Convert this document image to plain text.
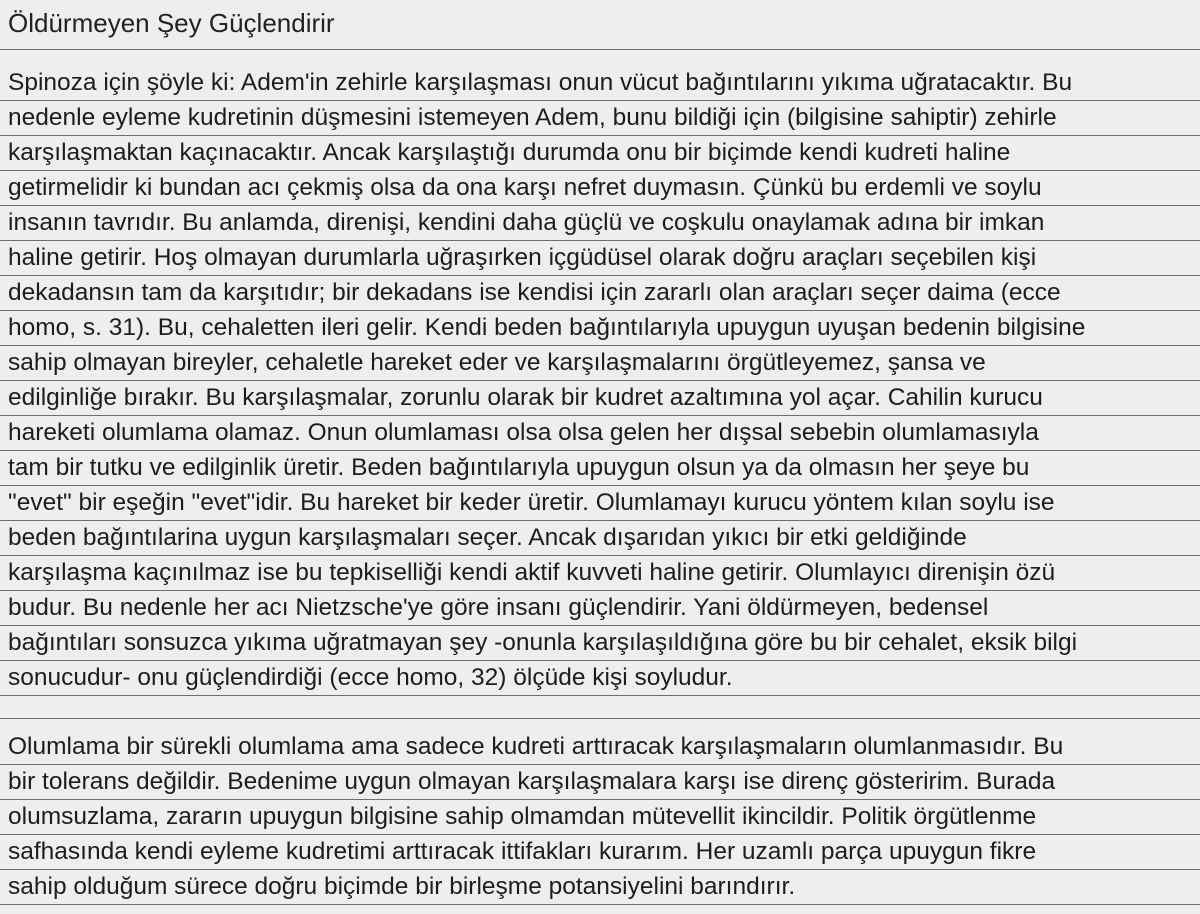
Öldürmeyen Şey Güçlendirir
Spinoza için şöyle ki: Adem'in zehirle karşılaşması onun vücut bağıntılarını yıkıma uğratacaktır. Bu
nedenle eyleme kudretinin düşmesini istemeyen Adem, bunu bildiği için (bilgisine sahiptir) zehirle
karşılaşmaktan kaçınacaktır. Ancak karşılaştığı durumda onu bir biçimde kendi kudreti haline
getirmelidir ki bundan acı çekmiş olsa da ona karşı nefret duymasın. Çünkü bu erdemli ve soylu
insanın tavrıdır. Bu anlamda, direnişi, kendini daha güçlü ve coşkulu onaylamak adına bir imkan
haline getirir. Hoş olmayan durumlarla uğraşırken içgüdüsel olarak doğru araçları seçebilen kişi
dekadansın tam da karşıtıdır; bir dekadans ise kendisi için zararlı olan araçları seçer daima (ecce
homo, s. 31). Bu, cehaletten ileri gelir. Kendi beden bağıntılarıyla upuygun uyuşan bedenin bilgisine
sahip olmayan bireyler, cehaletle hareket eder ve karşılaşmalarını örgütleyemez, şansa ve
edilginliğe bırakır. Bu karşılaşmalar, zorunlu olarak bir kudret azaltımına yol açar. Cahilin kurucu
hareketi olumlama olamaz. Onun olumlaması olsa olsa gelen her dışsal sebebin olumlamasıyla
tam bir tutku ve edilginlik üretir. Beden bağıntılarıyla upuygun olsun ya da olmasın her şeye bu
"evet" bir eşeğin "evet"idir. Bu hareket bir keder üretir. Olumlamayı kurucu yöntem kılan soylu ise
beden bağıntılarina uygun karşılaşmaları seçer. Ancak dışarıdan yıkıcı bir etki geldiğinde
karşılaşma kaçınılmaz ise bu tepkiselliği kendi aktif kuvveti haline getirir. Olumlayıcı direnişin özü
budur. Bu nedenle her acı Nietzsche'ye göre insanı güçlendirir. Yani öldürmeyen, bedensel
bağıntıları sonsuzca yıkıma uğratmayan şey -onunla karşılaşıldığına göre bu bir cehalet, eksik bilgi
sonucudur- onu güçlendirdiği (ecce homo, 32) ölçüde kişi soyludur.
Olumlama bir sürekli olumlama ama sadece kudreti arttıracak karşılaşmaların olumlanmasıdır. Bu
bir tolerans değildir. Bedenime uygun olmayan karşılaşmalara karşı ise direnç gösteririm. Burada
olumsuzlama, zararın upuygun bilgisine sahip olmamdan mütevellit ikincildir. Politik örgütlenme
safhasında kendi eyleme kudretimi arttıracak ittifakları kurarım. Her uzamlı parça upuygun fikre
sahip olduğum sürece doğru biçimde bir birleşme potansiyelini barındırır.
